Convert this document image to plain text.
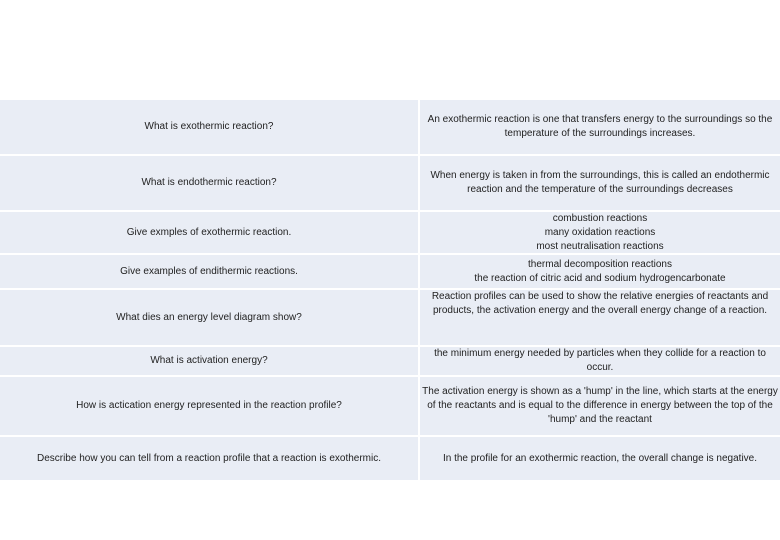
What is exothermic reaction?
An exothermic reaction is one that transfers energy to the surroundings so the temperature of the surroundings increases.
What is endothermic reaction?
When energy is taken in from the surroundings, this is called an endothermic reaction and the temperature of the surroundings decreases
Give exmples of exothermic reaction.
combustion reactions
many oxidation reactions
most neutralisation reactions
Give examples of endithermic reactions.
thermal decomposition reactions
the reaction of citric acid and sodium hydrogencarbonate
What dies an energy level diagram show?
Reaction profiles can be used to show the relative energies of reactants and products, the activation energy and the overall energy change of a reaction.
What is activation energy?
the minimum energy needed by particles when they collide for a reaction to occur.
How is actication energy represented in the reaction profile?
The activation energy is shown as a 'hump' in the line, which starts at the energy of the reactants and is equal to the difference in energy between the top of the 'hump' and the reactant
Describe how you can tell from a reaction profile that a reaction is exothermic.	In the profile for an exothermic reaction, the overall change is negative.
